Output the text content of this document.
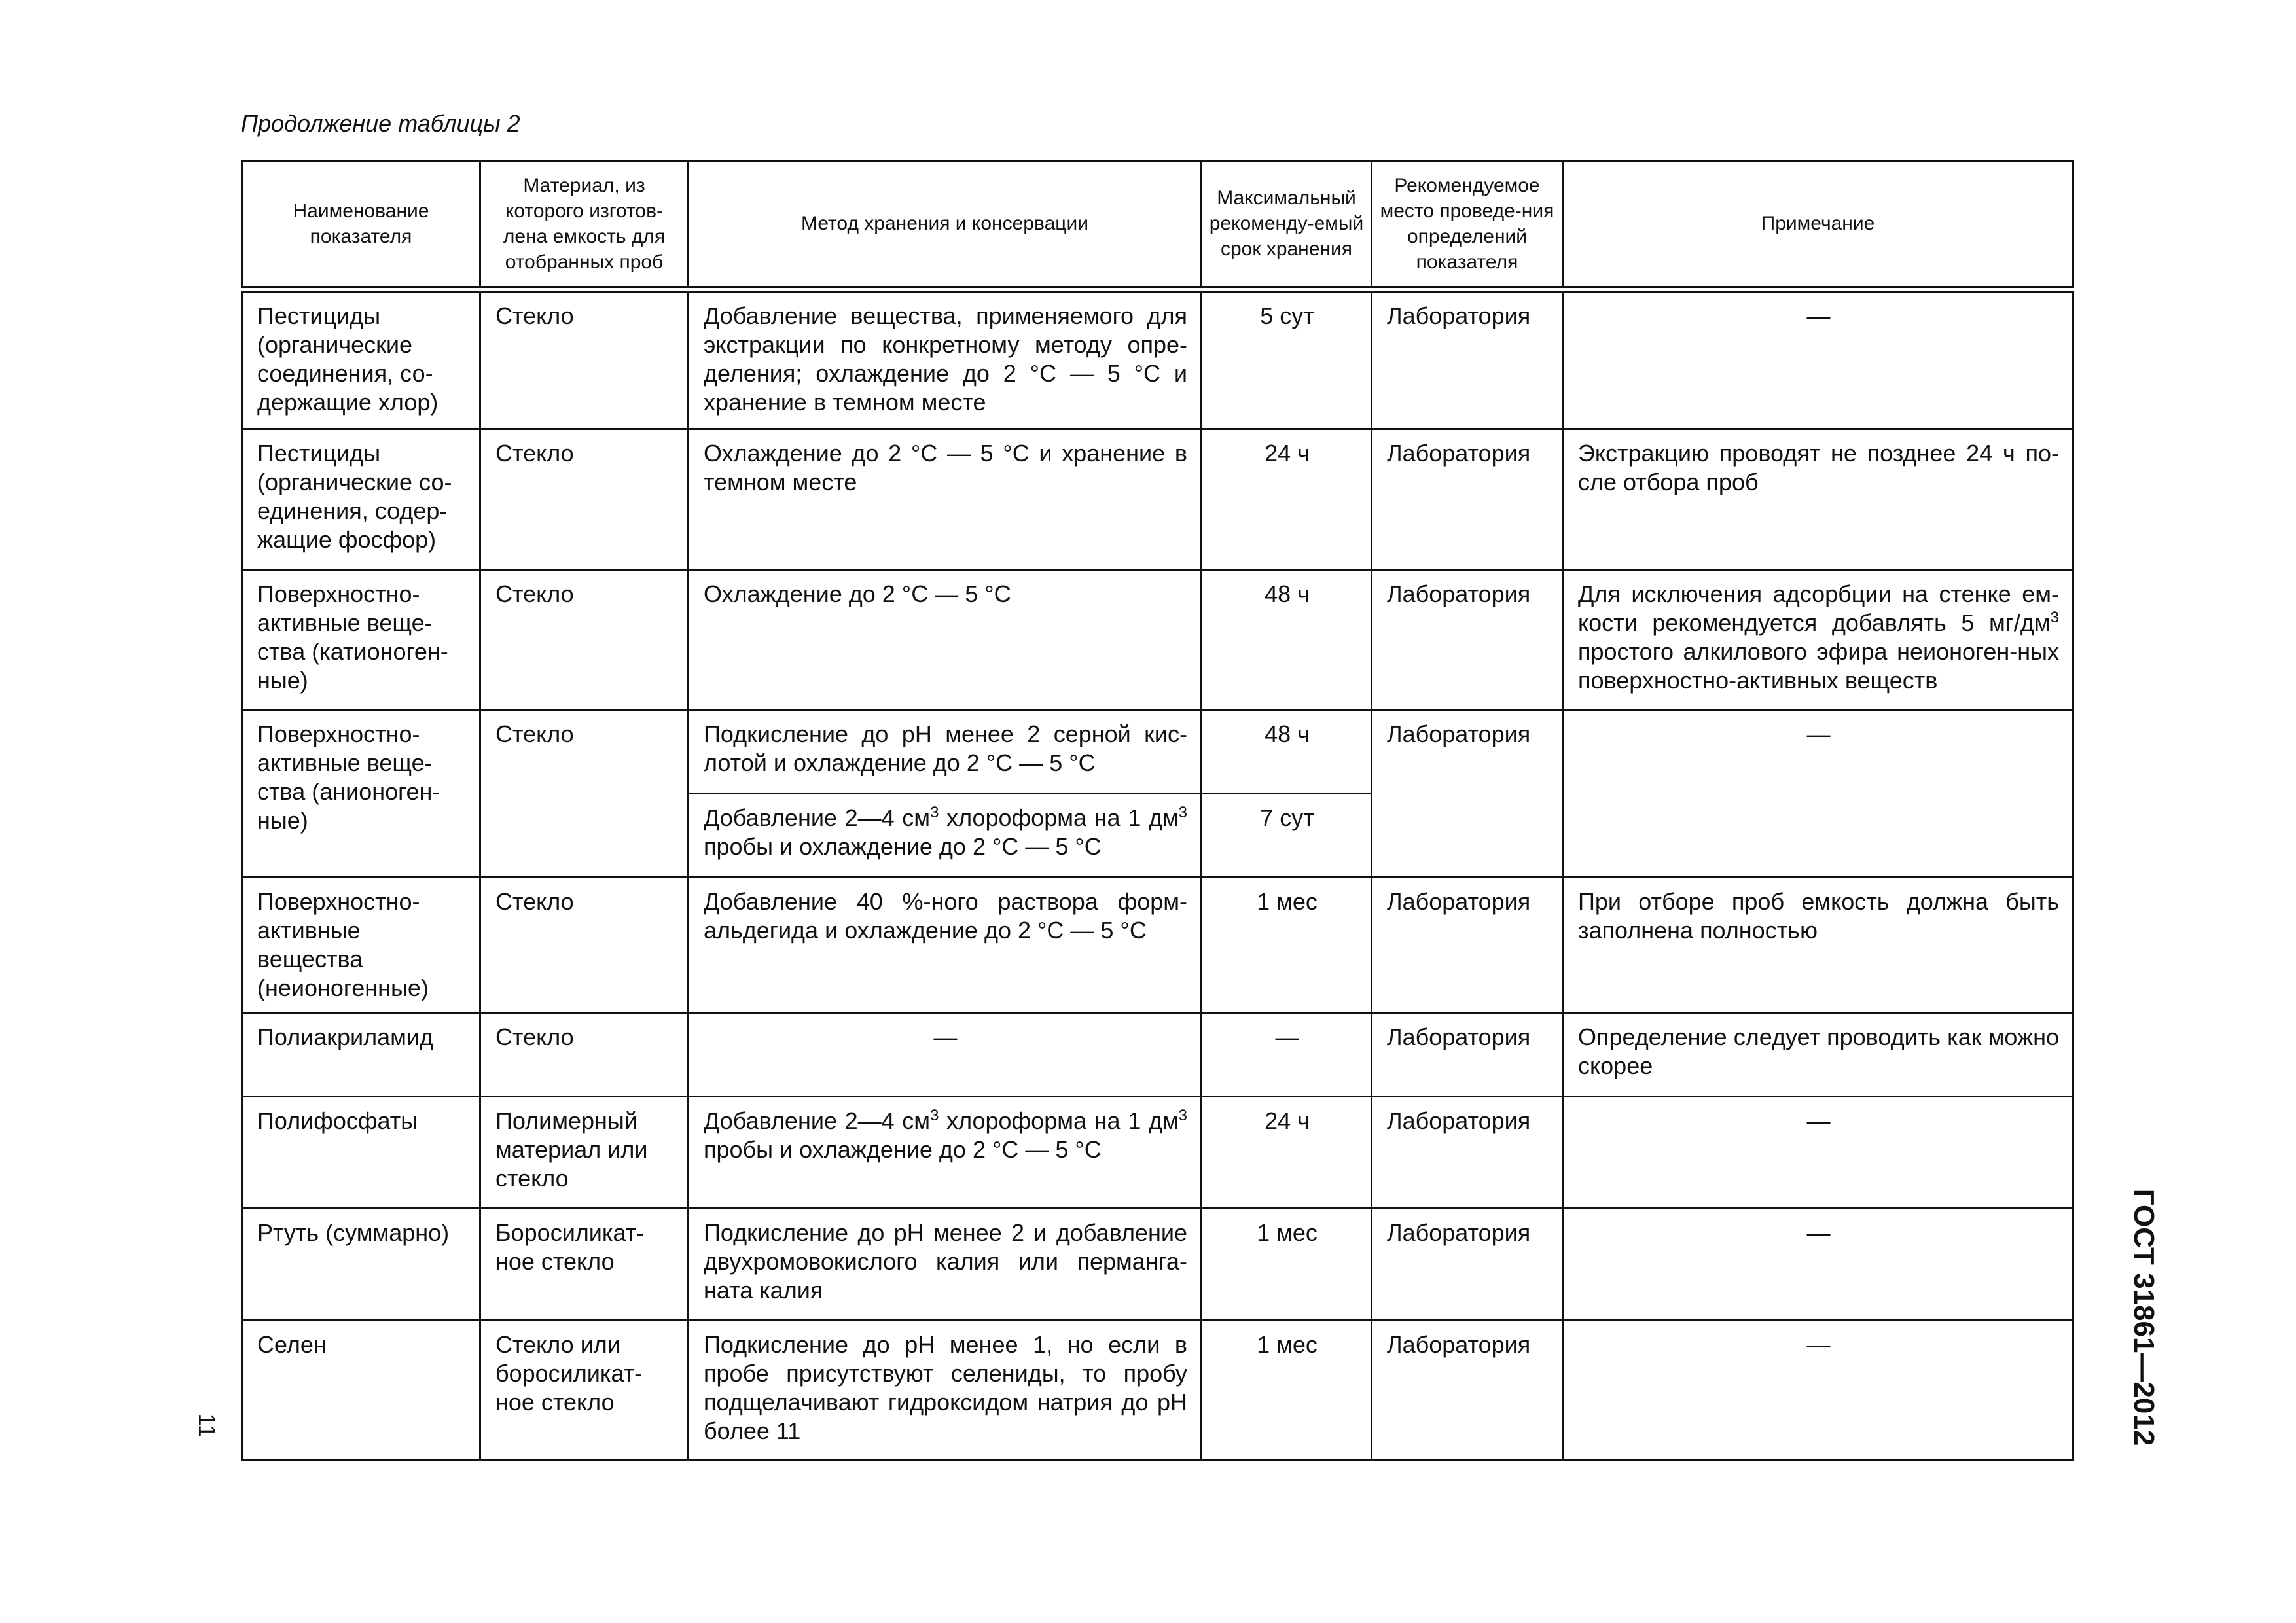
Продолжение таблицы 2
Наименование показателя	Материал, из которого изготов-лена емкость для отобранных проб	Метод хранения и консервации	Максимальный рекоменду-емый срок хранения	Рекомендуемое место проведе-ния определений показателя	Примечание
Пестициды (органические соединения, со-держащие хлор)	Стекло	Добавление вещества, применяемого для экстракции по конкретному методу опре-деления; охлаждение до 2 °С — 5 °С и хранение в темном месте	5 сут	Лаборатория	—
Пестициды (органические со-единения, содер-жащие фосфор)	Стекло	Охлаждение до 2 °С — 5 °С и хранение в темном месте	24 ч	Лаборатория	Экстракцию проводят не позднее 24 ч по-сле отбора проб
Поверхностно-активные веще-ства (катионоген-ные)	Стекло	Охлаждение до 2 °С — 5 °С	48 ч	Лаборатория	Для исключения адсорбции на стенке ем-кости рекомендуется добавлять 5 $мг/дм^3$ простого алкилового эфира неионоген-ных поверхностно-активных веществ
Поверхностно-активные веще-ства (анионоген-ные)	Стекло	Подкисление до рН менее 2 серной кис-лотой и охлаждение до 2 °С — 5 °С	48 ч	Лаборатория	—
		Добавление 2—4 $см^3$ хлороформа на 1 $дм^3$ пробы и охлаждение до 2 °С — 5 °С	7 сут		
Поверхностно-активные вещества (неионогенные)	Стекло	Добавление 40 %-ного раствора форм-альдегида и охлаждение до 2 °С — 5 °С	1 мес	Лаборатория	При отборе проб емкость должна быть заполнена полностью
Полиакриламид	Стекло	—	—	Лаборатория	Определение следует проводить как можно скорее
Полифосфаты	Полимерный материал или стекло	Добавление 2—4 $см^3$ хлороформа на 1 $дм^3$ пробы и охлаждение до 2 °С — 5 °С	24 ч	Лаборатория	—
Ртуть (суммарно)	Боросиликат-ное стекло	Подкисление до рН менее 2 и добавление двухромовокислого калия или перманга-ната калия	1 мес	Лаборатория	—
Селен	Стекло или боросиликат-ное стекло	Подкисление до рН менее 1, но если в пробе присутствуют селениды, то пробу подщелачивают гидроксидом натрия до рН более 11	1 мес	Лаборатория	—	ГОСТ 31861—2012
11
